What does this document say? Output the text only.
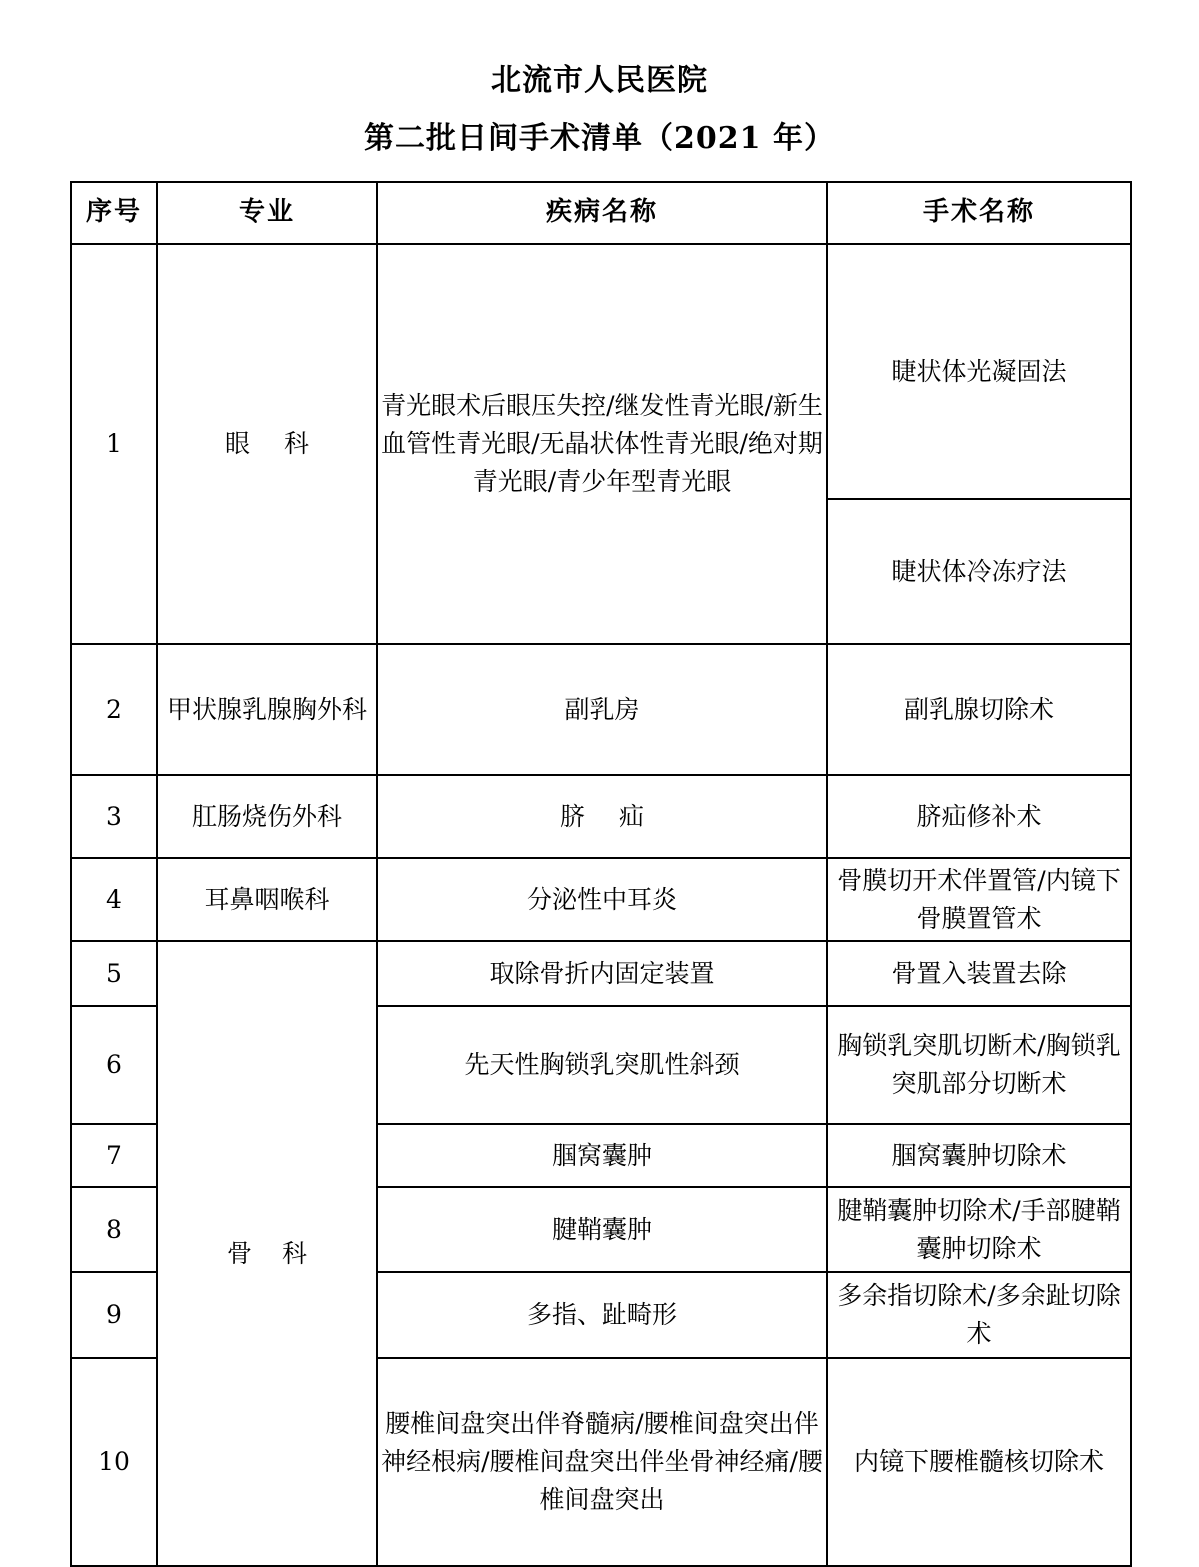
北流市人民医院
第二批日间手术清单（2021 年）
序号	专业	疾病名称	手术名称
1	眼 科	青光眼术后眼压失控/继发性青光眼/新生血管性青光眼/无晶状体性青光眼/绝对期青光眼/青少年型青光眼	睫状体光凝固法
			睫状体冷冻疗法
2	甲状腺乳腺胸外科	副乳房	副乳腺切除术
3	肛肠烧伤外科	脐 疝	脐疝修补术
4	耳鼻咽喉科	分泌性中耳炎	骨膜切开术伴置管/内镜下骨膜置管术
5	骨 科	取除骨折内固定装置	骨置入装置去除
6		先天性胸锁乳突肌性斜颈	胸锁乳突肌切断术/胸锁乳突肌部分切断术
7		腘窝囊肿	腘窝囊肿切除术
8		腱鞘囊肿	腱鞘囊肿切除术/手部腱鞘囊肿切除术
9		多指、趾畸形	多余指切除术/多余趾切除术
10		腰椎间盘突出伴脊髓病/腰椎间盘突出伴神经根病/腰椎间盘突出伴坐骨神经痛/腰椎间盘突出	内镜下腰椎髓核切除术
